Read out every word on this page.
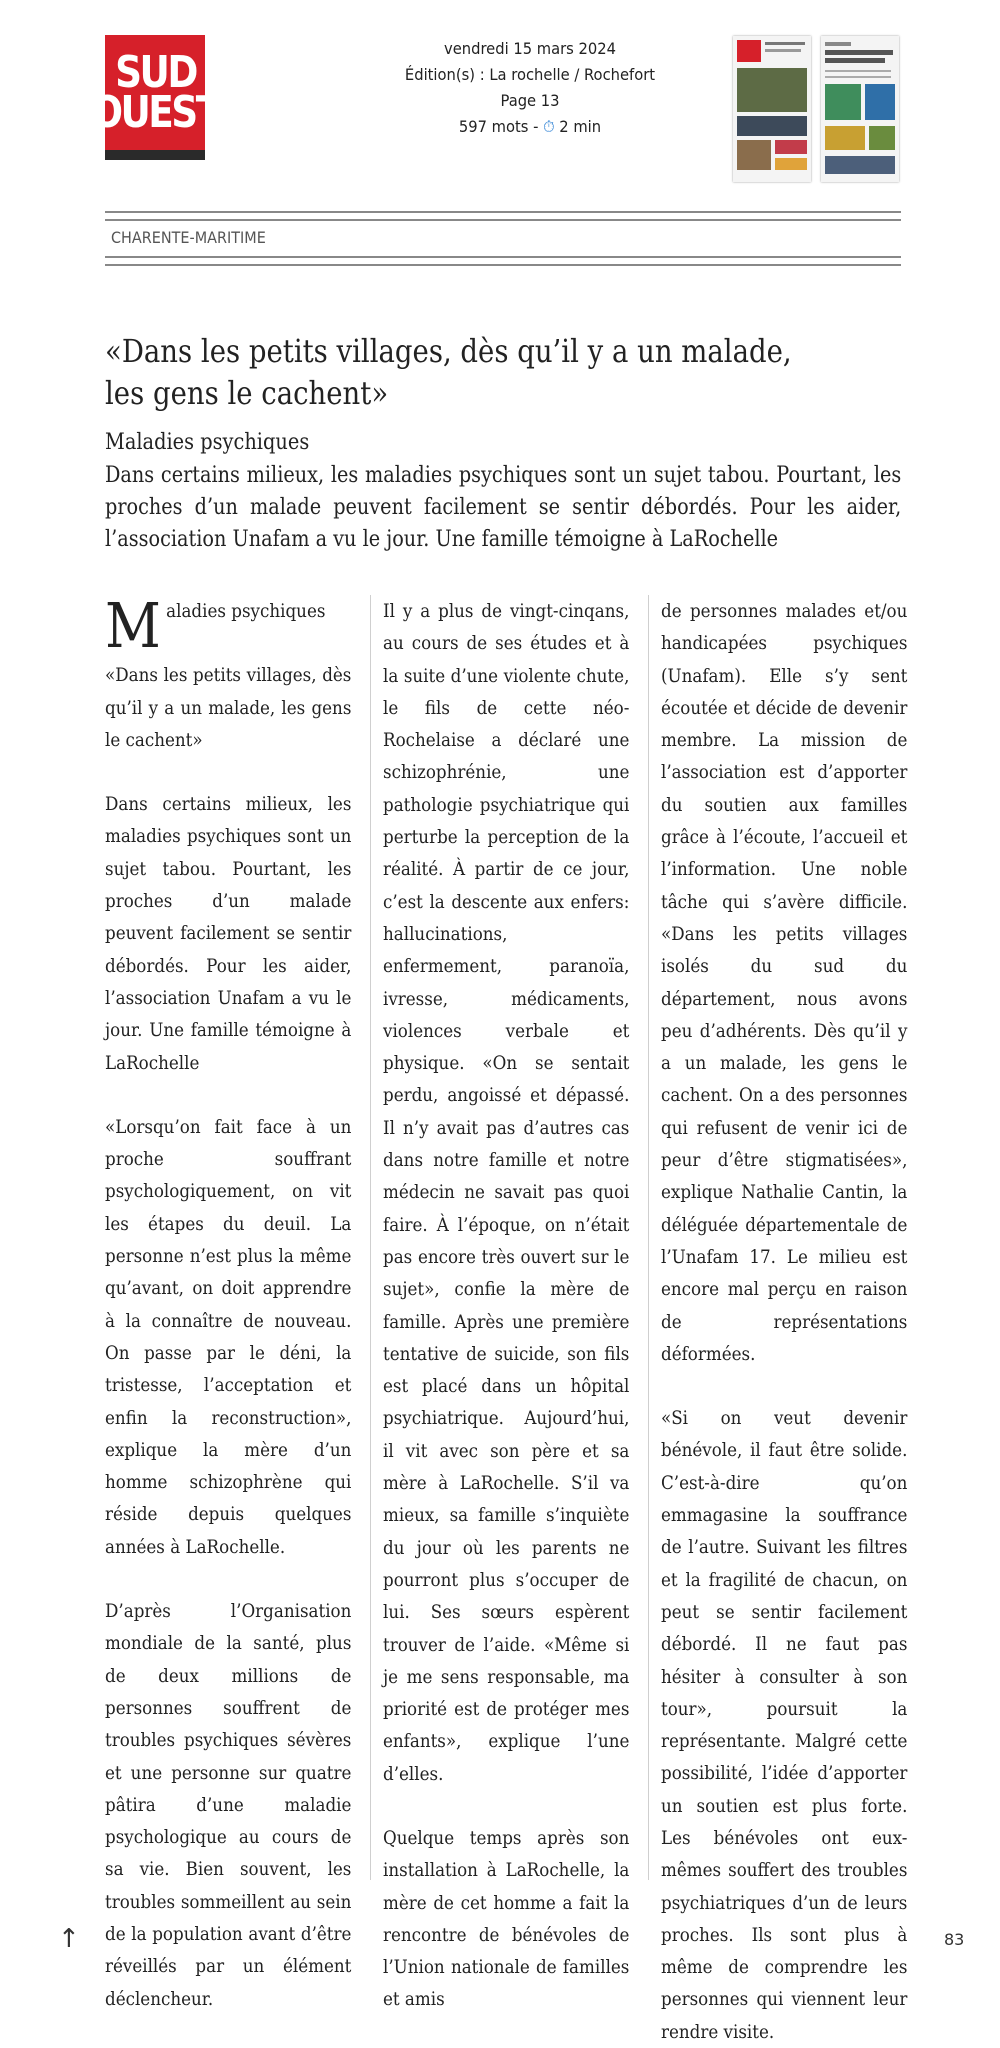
SUD
OUEST
vendredi 15 mars 2024
Édition(s) : La rochelle / Rochefort
Page 13
597 mots - ⏱ 2 min
CHARENTE-MARITIME
«Dans les petits villages, dès qu’il y a un malade, les gens le cachent»

Maladies psychiques

Dans certains milieux, les maladies psychiques sont un sujet tabou. Pourtant, les proches d’un malade peuvent facilement se sentir débordés. Pour les aider, l’association Unafam a vu le jour. Une famille témoigne à LaRochelle

Maladies psychiques

«Dans les petits villages, dès qu’il y a un malade, les gens le cachent»

Dans certains milieux, les maladies psychiques sont un sujet tabou. Pourtant, les proches d’un malade peuvent facilement se sentir débordés. Pour les aider, l’association Unafam a vu le jour. Une famille témoigne à LaRochelle

«Lorsqu’on fait face à un proche souffrant psychologiquement, on vit les étapes du deuil. La personne n’est plus la même qu’avant, on doit apprendre à la connaître de nouveau. On passe par le déni, la tristesse, l’acceptation et enfin la reconstruction», explique la mère d’un homme schizophrène qui réside depuis quelques années à LaRochelle.

D’après l’Organisation mondiale de la santé, plus de deux millions de personnes souffrent de troubles psychiques sévères et une personne sur quatre pâtira d’une maladie psychologique au cours de sa vie. Bien souvent, les troubles sommeillent au sein de la population avant d’être réveillés par un élément déclencheur.

Il y a plus de vingt-cinqans, au cours de ses études et à la suite d’une violente chute, le fils de cette néo-Rochelaise a déclaré une schizophrénie, une pathologie psychiatrique qui perturbe la perception de la réalité. À partir de ce jour, c’est la descente aux enfers: hallucinations, enfermement, paranoïa, ivresse, médicaments, violences verbale et physique. «On se sentait perdu, angoissé et dépassé. Il n’y avait pas d’autres cas dans notre famille et notre médecin ne savait pas quoi faire. À l’époque, on n’était pas encore très ouvert sur le sujet», confie la mère de famille. Après une première tentative de suicide, son fils est placé dans un hôpital psychiatrique. Aujourd’hui, il vit avec son père et sa mère à LaRochelle. S’il va mieux, sa famille s’inquiète du jour où les parents ne pourront plus s’occuper de lui. Ses sœurs espèrent trouver de l’aide. «Même si je me sens responsable, ma priorité est de protéger mes enfants», explique l’une d’elles.

Quelque temps après son installation à LaRochelle, la mère de cet homme a fait la rencontre de bénévoles de l’Union nationale de familles et amis

de personnes malades et/ou handicapées psychiques (Unafam). Elle s’y sent écoutée et décide de devenir membre. La mission de l’association est d’apporter du soutien aux familles grâce à l’écoute, l’accueil et l’information. Une noble tâche qui s’avère difficile. «Dans les petits villages isolés du sud du département, nous avons peu d’adhérents. Dès qu’il y a un malade, les gens le cachent. On a des personnes qui refusent de venir ici de peur d’être stigmatisées», explique Nathalie Cantin, la déléguée départementale de l’Unafam 17. Le milieu est encore mal perçu en raison de représentations déformées.

«Si on veut devenir bénévole, il faut être solide. C’est-à-dire qu’on emmagasine la souffrance de l’autre. Suivant les filtres et la fragilité de chacun, on peut se sentir facilement débordé. Il ne faut pas hésiter à consulter à son tour», poursuit la représentante. Malgré cette possibilité, l’idée d’apporter un soutien est plus forte. Les bénévoles ont eux-mêmes souffert des troubles psychiatriques d’un de leurs proches. Ils sont plus à même de comprendre les personnes qui viennent leur rendre visite.

↑	83
